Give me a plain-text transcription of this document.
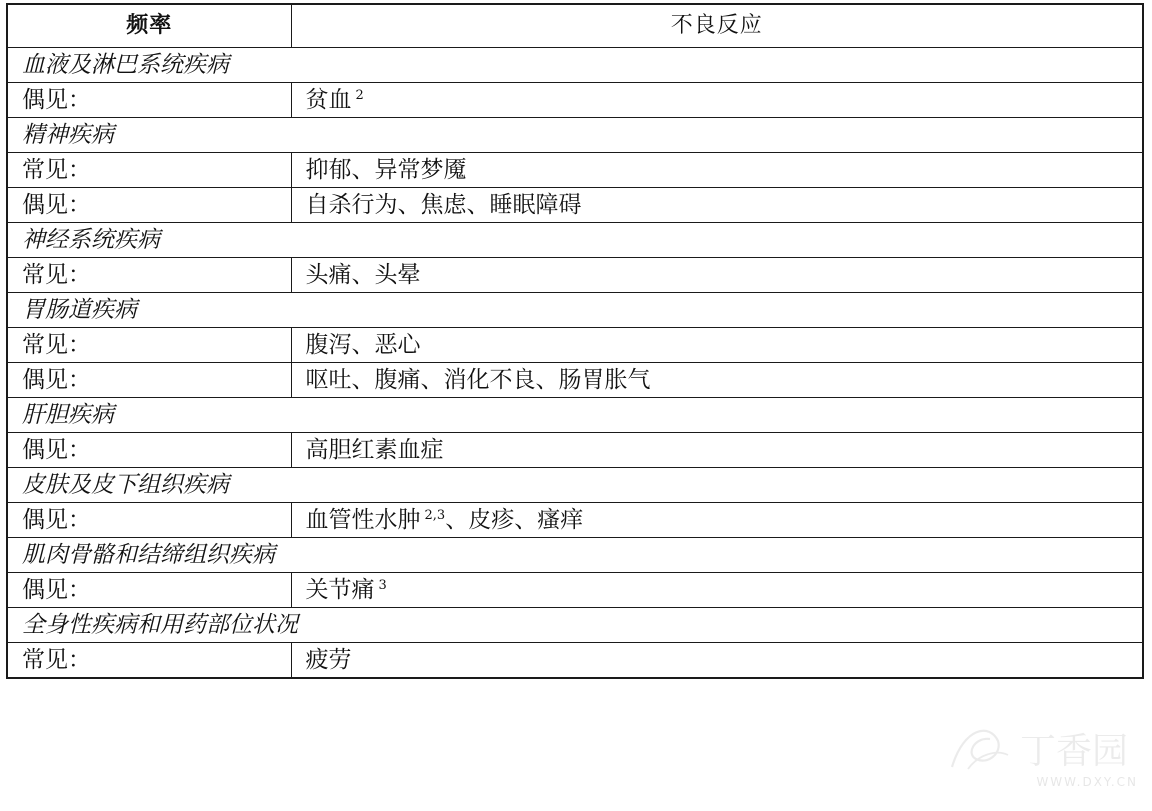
频率	不良反应
血液及淋巴系统疾病	
偶见：	贫血 $^2$
精神疾病	
常见：	抑郁、异常梦魇
偶见：	自杀行为、焦虑、睡眠障碍
神经系统疾病	
常见：	头痛、头晕
胃肠道疾病	
常见：	腹泻、恶心
偶见：	呕吐、腹痛、消化不良、肠胃胀气
肝胆疾病	
偶见：	高胆红素血症
皮肤及皮下组织疾病	
偶见：	血管性水肿 $^{2,3}$、皮疹、瘙痒
肌肉骨骼和结缔组织疾病	
偶见：	关节痛 $^3$
全身性疾病和用药部位状况	
常见：	疲劳
丁香园
WWW.DXY.CN
